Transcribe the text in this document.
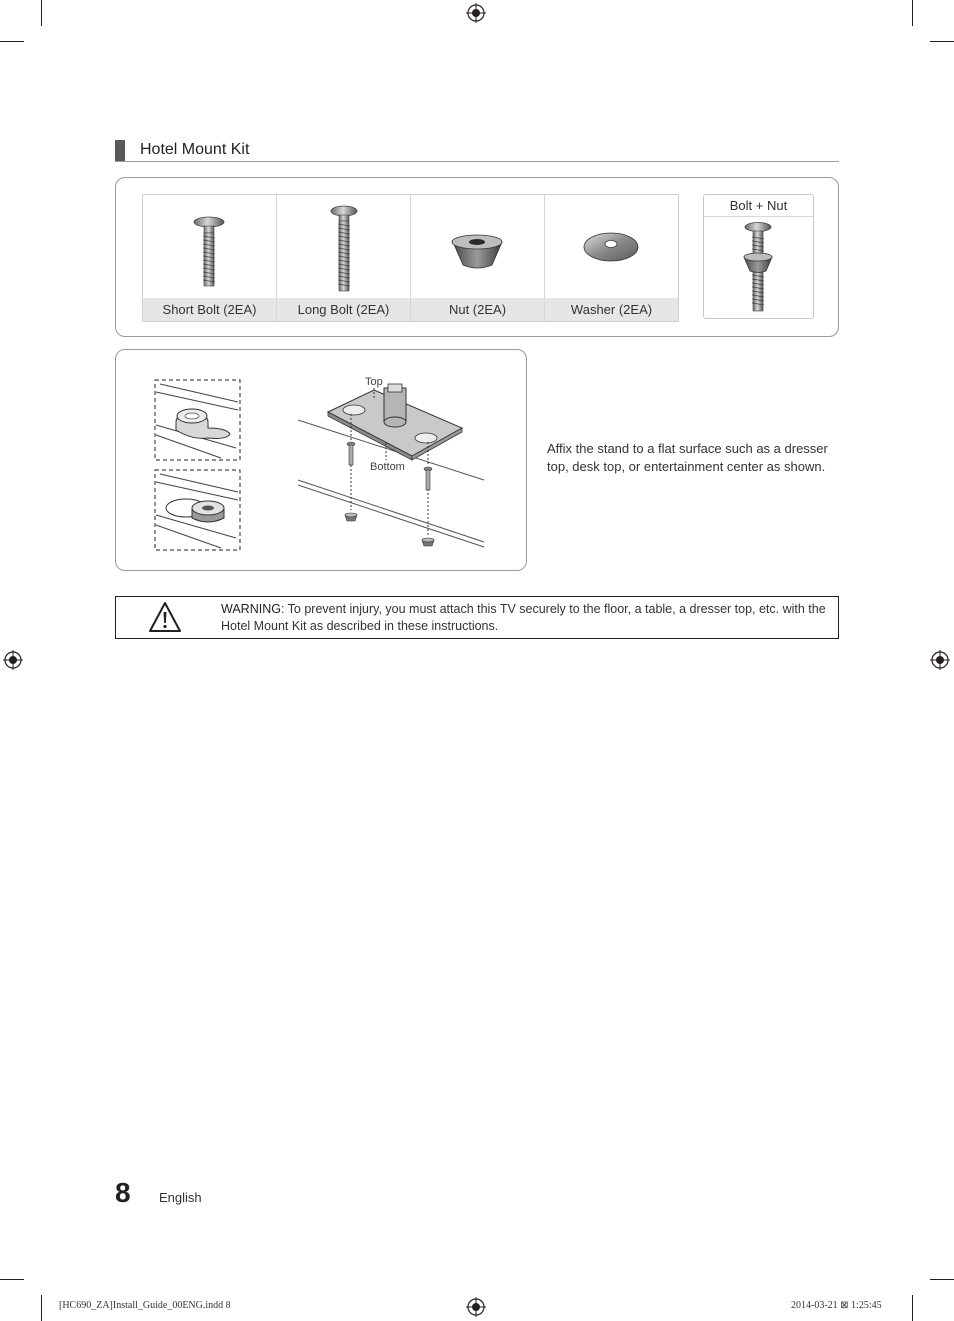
Hotel Mount Kit
Short Bolt (2EA)	Long Bolt (2EA)	Nut (2EA)	Washer (2EA)
Bolt + Nut
Top
Bottom
Affix the stand to a flat surface such as a dresser top, desk top, or entertainment center as shown.
WARNING: To prevent injury, you must attach this TV securely to the floor, a table, a dresser top, etc. with the Hotel Mount Kit as described in these instructions.
8 English
[HC690_ZA]Install_Guide_00ENG.indd 8	2014-03-21 ⊠ 1:25:45
